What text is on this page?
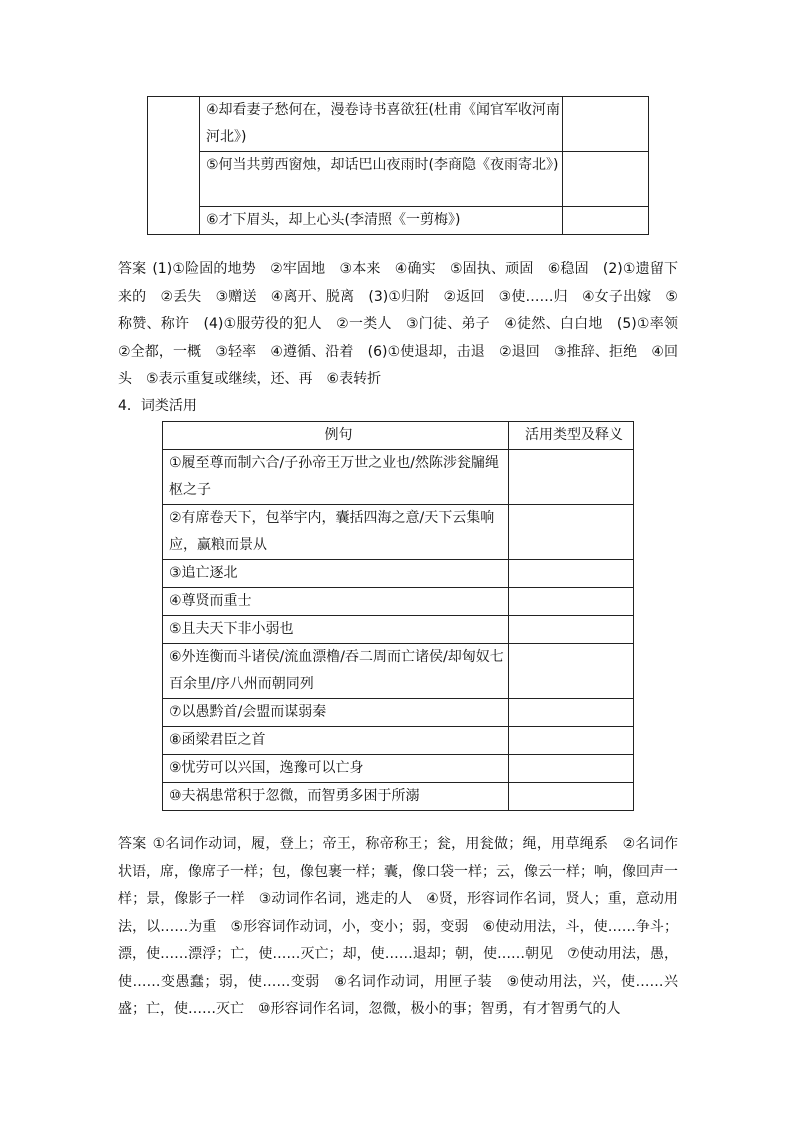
	④却看妻子愁何在，漫卷诗书喜欲狂(杜甫《闻官军收河南河北》)	
	⑤何当共剪西窗烛，却话巴山夜雨时(李商隐《夜雨寄北》)	
	⑥才下眉头，却上心头(李清照《一剪梅》)	
答案 (1)①险固的地势　②牢固地　③本来　④确实　⑤固执、顽固　⑥稳固　(2)①遗留下来的　②丢失　③赠送　④离开、脱离　(3)①归附　②返回　③使……归　④女子出嫁　⑤称赞、称许　(4)①服劳役的犯人　②一类人　③门徒、弟子　④徒然、白白地　(5)①率领　②全都，一概　③轻率　④遵循、沿着　(6)①使退却，击退　②退回　③推辞、拒绝　④回头　⑤表示重复或继续，还、再　⑥表转折
4．词类活用
例句	活用类型及释义
①履至尊而制六合/子孙帝王万世之业也/然陈涉瓮牖绳枢之子	
②有席卷天下，包举宇内，囊括四海之意/天下云集响应，赢粮而景从	
③追亡逐北	
④尊贤而重士	
⑤且夫天下非小弱也	
⑥外连衡而斗诸侯/流血漂橹/吞二周而亡诸侯/却匈奴七百余里/序八州而朝同列	
⑦以愚黔首/会盟而谋弱秦	
⑧函梁君臣之首	
⑨忧劳可以兴国，逸豫可以亡身	
⑩夫祸患常积于忽微，而智勇多困于所溺	
答案 ①名词作动词，履，登上；帝王，称帝称王；瓮，用瓮做；绳，用草绳系　②名词作状语，席，像席子一样；包，像包裹一样；囊，像口袋一样；云，像云一样；响，像回声一样；景，像影子一样　③动词作名词，逃走的人　④贤，形容词作名词，贤人；重，意动用法，以……为重　⑤形容词作动词，小，变小；弱，变弱　⑥使动用法，斗，使……争斗；漂，使……漂浮；亡，使……灭亡；却，使……退却；朝，使……朝见　⑦使动用法，愚，使……变愚蠢；弱，使……变弱　⑧名词作动词，用匣子装　⑨使动用法，兴，使……兴盛；亡，使……灭亡　⑩形容词作名词，忽微，极小的事；智勇，有才智勇气的人
